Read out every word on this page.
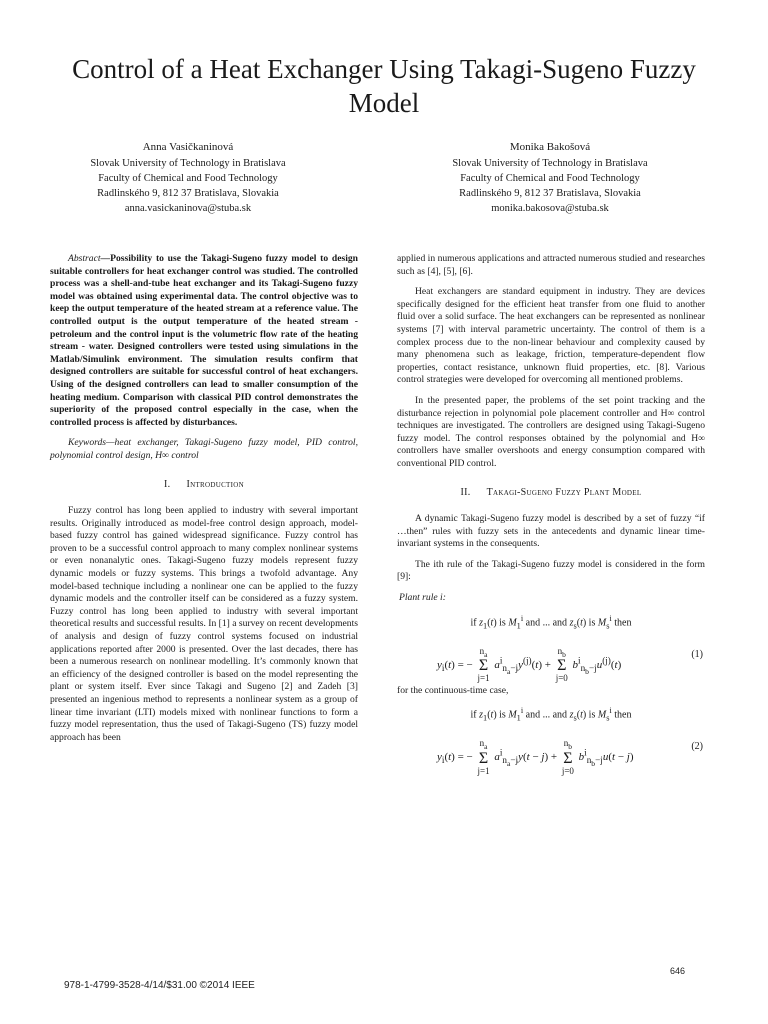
Control of a Heat Exchanger Using Takagi-Sugeno Fuzzy Model
Anna Vasičkaninová
Slovak University of Technology in Bratislava
Faculty of Chemical and Food Technology
Radlinského 9, 812 37 Bratislava, Slovakia
anna.vasickaninova@stuba.sk
Monika Bakošová
Slovak University of Technology in Bratislava
Faculty of Chemical and Food Technology
Radlinského 9, 812 37 Bratislava, Slovakia
monika.bakosova@stuba.sk

Abstract—Possibility to use the Takagi-Sugeno fuzzy model to design suitable controllers for heat exchanger control was studied. The controlled process was a shell-and-tube heat exchanger and its Takagi-Sugeno fuzzy model was obtained using experimental data. The control objective was to keep the output temperature of the heated stream at a reference value. The controlled output is the output temperature of the heated stream - petroleum and the control input is the volumetric flow rate of the heating stream - water. Designed controllers were tested using simulations in the Matlab/Simulink environment. The simulation results confirm that designed controllers are suitable for successful control of heat exchangers. Using of the designed controllers can lead to smaller consumption of the heating medium. Comparison with classical PID control demonstrates the superiority of the proposed control especially in the case, when the controlled process is affected by disturbances.

Keywords—heat exchanger, Takagi-Sugeno fuzzy model, PID control, polynomial control design, H∞ control

I. Introduction

Fuzzy control has long been applied to industry with several important results. Originally introduced as model-free control design approach, model-based fuzzy control has gained widespread significance. Fuzzy control has proven to be a successful control approach to many complex nonlinear systems or even nonanalytic ones. Takagi-Sugeno fuzzy models represent fuzzy dynamic models or fuzzy systems. This brings a twofold advantage. Any model-based technique including a nonlinear one can be applied to the fuzzy dynamic models and the controller itself can be considered as a fuzzy system. Fuzzy control has long been applied to industry with several important theoretical results and successful results. In [1] a survey on recent developments of analysis and design of fuzzy control systems focused on industrial applications reported after 2000 is presented. Over the last decades, there has been a numerous research on nonlinear modelling. It’s commonly known that an efficiency of the designed controller is based on the model representing the plant or system itself. Ever since Takagi and Sugeno [2] and Zadeh [3] presented an ingenious method to represents a nonlinear system as a group of linear time invariant (LTI) models mixed with nonlinear functions to form a fuzzy model representation, thus the used of Takagi-Sugeno (TS) fuzzy model approach has been

applied in numerous applications and attracted numerous studied and researches such as [4], [5], [6].

Heat exchangers are standard equipment in industry. They are devices specifically designed for the efficient heat transfer from one fluid to another fluid over a solid surface. The heat exchangers can be represented as nonlinear systems [7] with interval parametric uncertainty. The control of them is a complex process due to the non-linear behaviour and complexity caused by many phenomena such as leakage, friction, temperature-dependent flow properties, contact resistance, unknown fluid properties, etc. [8]. Various control strategies were developed for overcoming all mentioned problems.

In the presented paper, the problems of the set point tracking and the disturbance rejection in polynomial pole placement controller and H∞ control techniques are investigated. The controllers are designed using Takagi-Sugeno fuzzy model. The control responses obtained by the polynomial and H∞ controllers have smaller overshoots and energy consumption compared with conventional PID control.

II. Takagi-Sugeno Fuzzy Plant Model

A dynamic Takagi-Sugeno fuzzy model is described by a set of fuzzy “if …then” rules with fuzzy sets in the antecedents and dynamic linear time-invariant systems in the consequents.

The ith rule of the Takagi-Sugeno fuzzy model is considered in the form [9]:

Plant rule i:

if $z_1(t)$ is $M_1^i$ and ... and $z_s(t)$ is $M_s^i$ then
$y_i(t)$ = − $n_a$
Σ
j=1 $a^i_{n_a-j}y^{(j)}(t) + n_b$
Σ
j=0 $b^i_{n_b-j}u^{(j)}(t)$
(1)

for the continuous-time case,

if $z_1(t)$ is $M_1^i$ and ... and $z_s(t)$ is $M_s^i$ then
$y_i(t)$ = − $n_a$
Σ
j=1 $a^i_{n_a-j}y(t - j) + n_b$
Σ
j=0 $b^i_{n_b-j}u(t - j)$
(2)
646
978-1-4799-3528-4/14/$31.00 ©2014 IEEE
